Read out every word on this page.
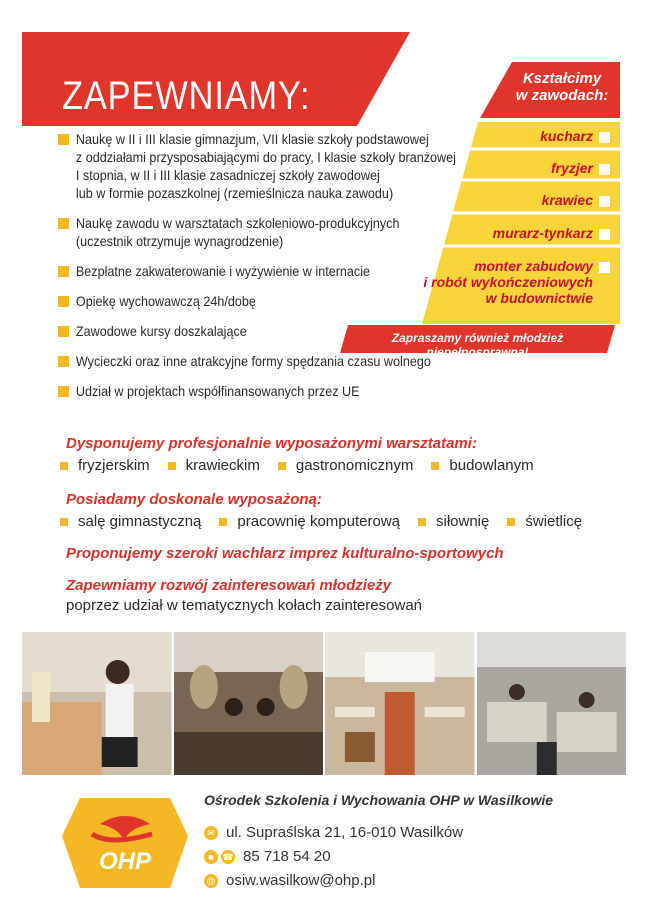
ZAPEWNIAMY:
Naukę w II i III klasie gimnazjum, VII klasie szkoły podstawowej
z oddziałami przysposabiającymi do pracy, I klasie szkoły branżowej
I stopnia, w II i III klasie zasadniczej szkoły zawodowej
lub w formie pozaszkolnej (rzemieślnicza nauka zawodu)
Naukę zawodu w warsztatach szkoleniowo-produkcyjnych
(uczestnik otrzymuje wynagrodzenie)
Bezpłatne zakwaterowanie i wyżywienie w internacie
Opiekę wychowawczą 24h/dobę
Zawodowe kursy doszkalające
Wycieczki oraz inne atrakcyjne formy spędzania czasu wolnego
Udział w projektach współfinansowanych przez UE
Kształcimy
w zawodach:
kucharz
fryzjer
krawiec
murarz-tynkarz
monter zabudowy
i robót wykończeniowych
w budownictwie
Zapraszamy również młodzież niepełnosprawną!
Dysponujemy profesjonalnie wyposażonymi warsztatami:
fryzjerskim krawieckim gastronomicznym budowlanym
Posiadamy doskonale wyposażoną:
salę gimnastyczną pracownię komputerową siłownię świetlicę
Proponujemy szeroki wachlarz imprez kulturalno-sportowych
Zapewniamy rozwój zainteresowań młodzieży
poprzez udział w tematycznych kołach zainteresowań
OHP
Ośrodek Szkolenia i Wychowania OHP w Wasilkowie
✉ ul. Supraślska 21, 16-010 Wasilków
■ ☎ 85 718 54 20
@ osiw.wasilkow@ohp.pl
